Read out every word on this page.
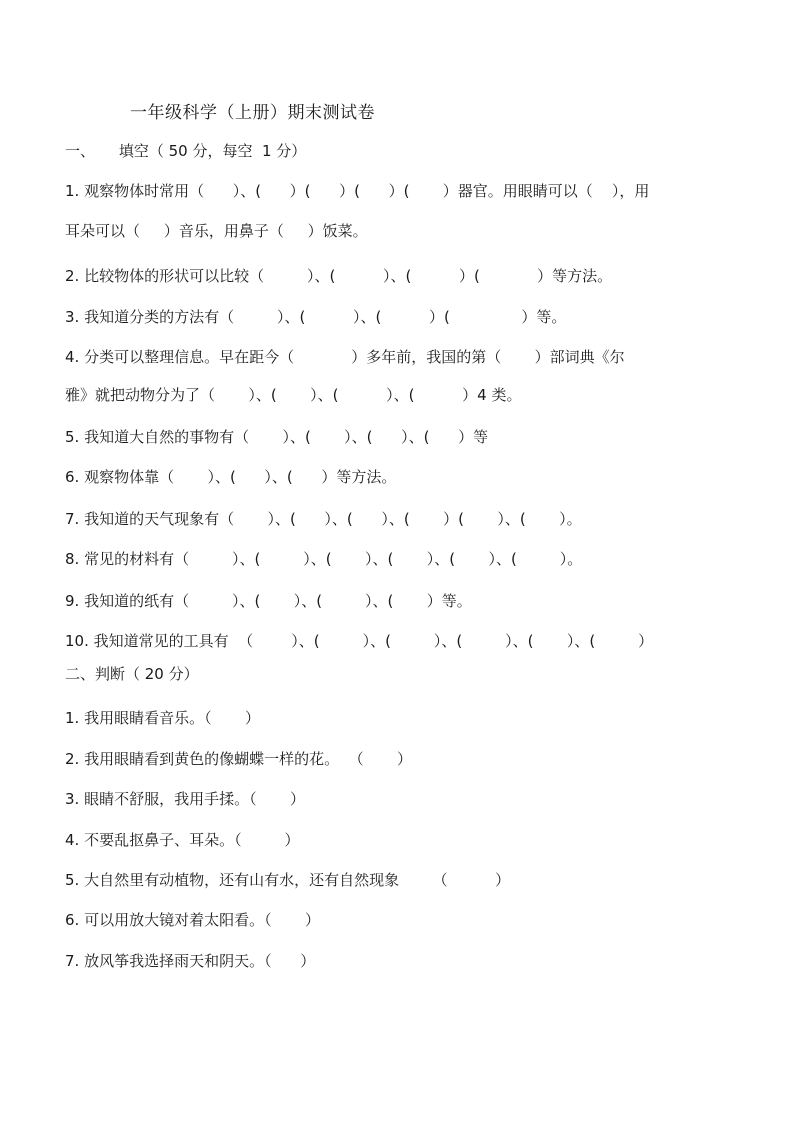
一年级科学（上册）期末测试卷
一、     填空（ 50 分，每空  1 分）
1. 观察物体时常用（      ）、(      ）(      ）(      ）(       ）器官。用眼睛可以（    ），用
耳朵可以（     ）音乐，用鼻子（     ）饭菜。
2. 比较物体的形状可以比较（         ）、(          ）、(          ）(            ）等方法。
3. 我知道分类的方法有（         ）、(          ）、(          ）(               ）等。
4. 分类可以整理信息。早在距今（            ）多年前，我国的第（       ）部词典《尔
雅》就把动物分为了（       ）、(       ）、(          ）、(          ）4 类。
5. 我知道大自然的事物有（       ）、(       ）、(      ）、(      ）等
6. 观察物体靠（       ）、(      ）、(      ）等方法。
7. 我知道的天气现象有（       ）、(      ）、(      ）、(       ）(       ）、(       ）。
8. 常见的材料有（         ）、(         ）、(       ）、(       ）、(       ）、(         ）。
9. 我知道的纸有（         ）、(       ）、(         ）、(       ）等。
10. 我知道常见的工具有  （        ）、(         ）、(         ）、(         ）、(       ）、(         ）
二、判断（ 20 分）
1. 我用眼睛看音乐。（       ）
2. 我用眼睛看到黄色的像蝴蝶一样的花。  （       ）
3. 眼睛不舒服，我用手揉。（       ）
4. 不要乱抠鼻子、耳朵。（         ）
5. 大自然里有动植物，还有山有水，还有自然现象       （          ）
6. 可以用放大镜对着太阳看。（       ）
7. 放风筝我选择雨天和阴天。（      ）
